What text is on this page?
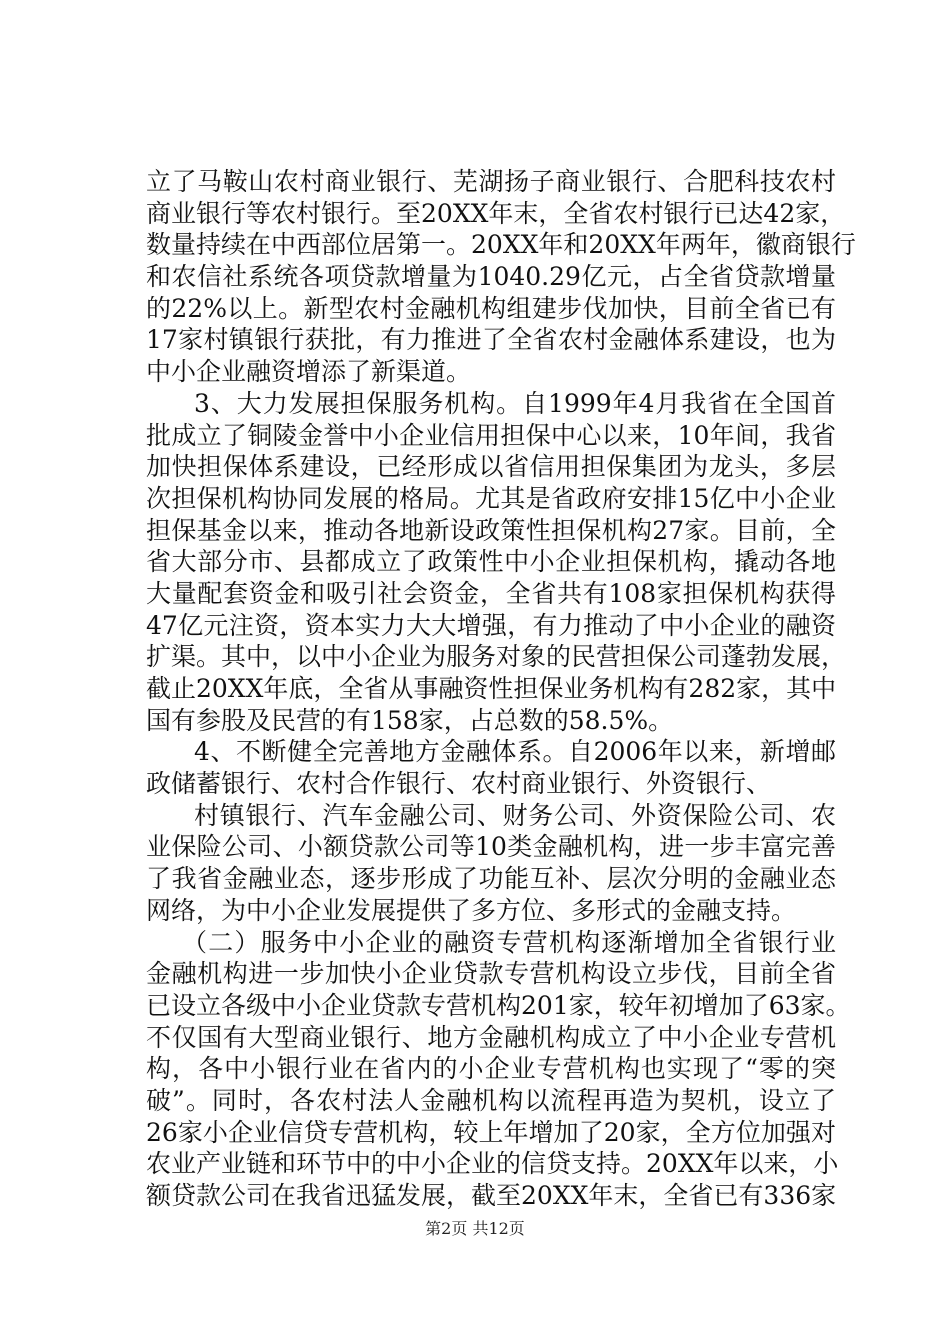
立了马鞍山农村商业银行、芜湖扬子商业银行、合肥科技农村
商业银行等农村银行。至20XX年末，全省农村银行已达42家，
数量持续在中西部位居第一。20XX年和20XX年两年，徽商银行
和农信社系统各项贷款增量为1040.29亿元，占全省贷款增量
的22%以上。新型农村金融机构组建步伐加快，目前全省已有
17家村镇银行获批，有力推进了全省农村金融体系建设，也为
中小企业融资增添了新渠道。
3、大力发展担保服务机构。自1999年4月我省在全国首
批成立了铜陵金誉中小企业信用担保中心以来，10年间，我省
加快担保体系建设，已经形成以省信用担保集团为龙头，多层
次担保机构协同发展的格局。尤其是省政府安排15亿中小企业
担保基金以来，推动各地新设政策性担保机构27家。目前，全
省大部分市、县都成立了政策性中小企业担保机构，撬动各地
大量配套资金和吸引社会资金，全省共有108家担保机构获得
47亿元注资，资本实力大大增强，有力推动了中小企业的融资
扩渠。其中，以中小企业为服务对象的民营担保公司蓬勃发展，
截止20XX年底，全省从事融资性担保业务机构有282家，其中
国有参股及民营的有158家，占总数的58.5%。
4、不断健全完善地方金融体系。自2006年以来，新增邮
政储蓄银行、农村合作银行、农村商业银行、外资银行、
村镇银行、汽车金融公司、财务公司、外资保险公司、农
业保险公司、小额贷款公司等10类金融机构，进一步丰富完善
了我省金融业态，逐步形成了功能互补、层次分明的金融业态
网络，为中小企业发展提供了多方位、多形式的金融支持。
（二）服务中小企业的融资专营机构逐渐增加全省银行业
金融机构进一步加快小企业贷款专营机构设立步伐，目前全省
已设立各级中小企业贷款专营机构201家，较年初增加了63家。
不仅国有大型商业银行、地方金融机构成立了中小企业专营机
构，各中小银行业在省内的小企业专营机构也实现了“零的突
破”。同时，各农村法人金融机构以流程再造为契机，设立了
26家小企业信贷专营机构，较上年增加了20家，全方位加强对
农业产业链和环节中的中小企业的信贷支持。20XX年以来，小
额贷款公司在我省迅猛发展，截至20XX年末，全省已有336家
第2页 共12页
